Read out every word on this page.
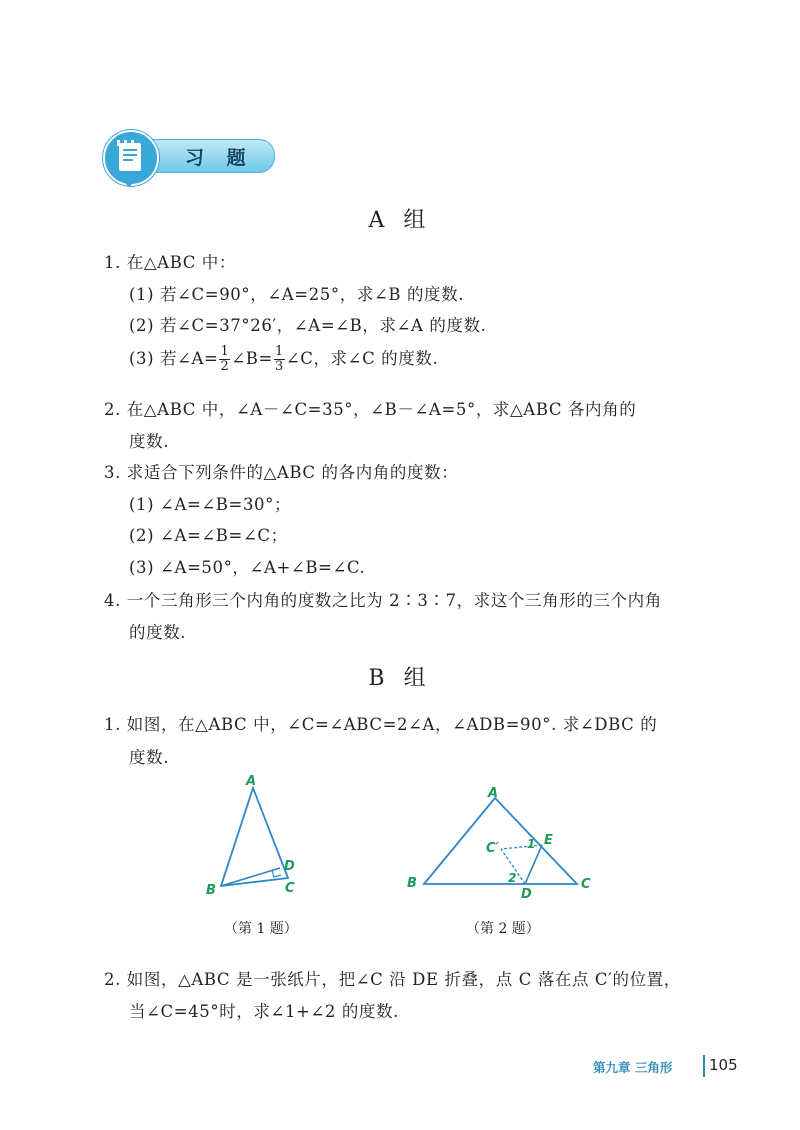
习 题
A 组
1. 在△ABC 中：
(1) 若∠C=90°，∠A=25°，求∠B 的度数.
(2) 若∠C=37°26′，∠A=∠B，求∠A 的度数.
(3) 若∠A= $\frac{1}{2}$ ∠B= $\frac{1}{3}$ ∠C，求∠C 的度数.
2. 在△ABC 中，∠A－∠C=35°，∠B－∠A=5°，求△ABC 各内角的
度数.
3. 求适合下列条件的△ABC 的各内角的度数：
(1) ∠A=∠B=30°；
(2) ∠A=∠B=∠C；
(3) ∠A=50°，∠A+∠B=∠C.
4. 一个三角形三个内角的度数之比为 2∶3∶7，求这个三角形的三个内角
的度数.
B 组
1. 如图，在△ABC 中，∠C=∠ABC=2∠A，∠ADB=90°. 求∠DBC 的
度数.
A
B	C
D
（第 1 题）
A
B	C
D
E
C′ 1
2
（第 2 题）
2. 如图，△ABC 是一张纸片，把∠C 沿 DE 折叠，点 C 落在点 C′的位置，
当∠C=45°时，求∠1+∠2 的度数.
第九章 三角形 105
